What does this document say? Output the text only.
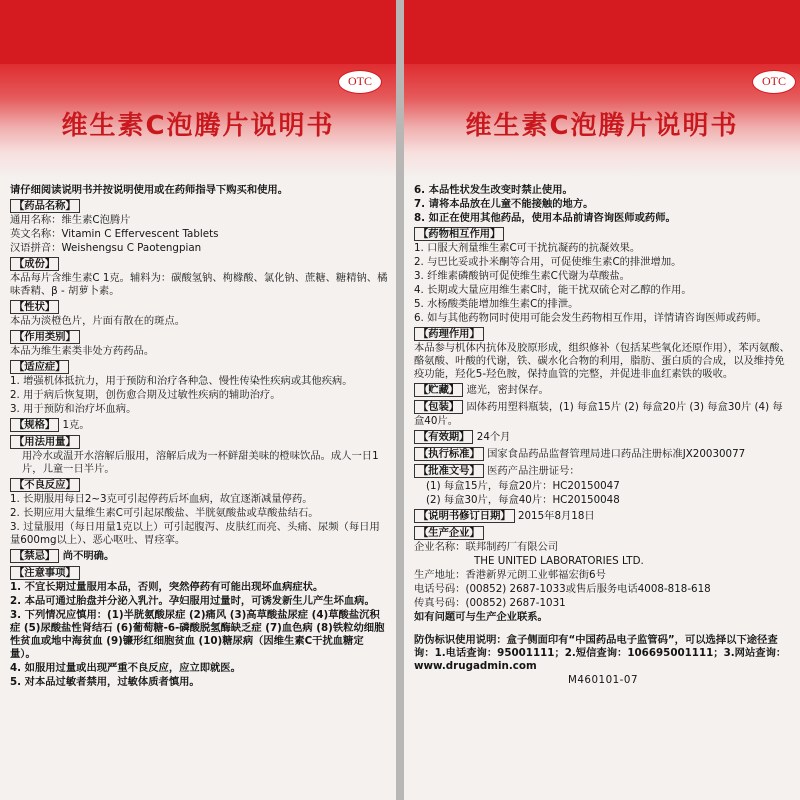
OTC
维生素C泡腾片说明书

请仔细阅读说明书并按说明使用或在药师指导下购买和使用。

【药品名称】

通用名称：维生素C泡腾片

英文名称：Vitamin C Effervescent Tablets

汉语拼音：Weishengsu C Paotengpian

【成份】

本品每片含维生素C 1克。辅料为：碳酸氢钠、枸橼酸、氯化钠、蔗糖、糖精钠、橘味香精、β - 胡萝卜素。

【性状】

本品为淡橙色片，片面有散在的斑点。

【作用类别】

本品为维生素类非处方药药品。

【适应症】

1. 增强机体抵抗力，用于预防和治疗各种急、慢性传染性疾病或其他疾病。

2. 用于病后恢复期，创伤愈合期及过敏性疾病的辅助治疗。

3. 用于预防和治疗坏血病。

【规格】 1克。

【用法用量】

用冷水或温开水溶解后服用，溶解后成为一杯鲜甜美味的橙味饮品。成人一日1片，儿童一日半片。

【不良反应】

1. 长期服用每日2~3克可引起停药后坏血病，故宜逐渐减量停药。

2. 长期应用大量维生素C可引起尿酸盐、半胱氨酸盐或草酸盐结石。

3. 过量服用（每日用量1克以上）可引起腹泻、皮肤红而亮、头痛、尿频（每日用量600mg以上）、恶心呕吐、胃痉挛。

【禁忌】 尚不明确。

【注意事项】

1. 不宜长期过量服用本品，否则，突然停药有可能出现坏血病症状。

2. 本品可通过胎盘并分泌入乳汁。孕妇服用过量时，可诱发新生儿产生坏血病。

3. 下列情况应慎用：(1)半胱氨酸尿症 (2)痛风 (3)高草酸盐尿症 (4)草酸盐沉积症 (5)尿酸盐性肾结石 (6)葡萄糖-6-磷酸脱氢酶缺乏症 (7)血色病 (8)铁粒幼细胞性贫血或地中海贫血 (9)镰形红细胞贫血 (10)糖尿病（因维生素C干扰血糖定量）。

4. 如服用过量或出现严重不良反应，应立即就医。

5. 对本品过敏者禁用，过敏体质者慎用。

OTC
维生素C泡腾片说明书

6. 本品性状发生改变时禁止使用。

7. 请将本品放在儿童不能接触的地方。

8. 如正在使用其他药品，使用本品前请咨询医师或药师。

【药物相互作用】

1. 口服大剂量维生素C可干扰抗凝药的抗凝效果。

2. 与巴比妥或扑米酮等合用，可促使维生素C的排泄增加。

3. 纤维素磷酸钠可促使维生素C代谢为草酸盐。

4. 长期或大量应用维生素C时，能干扰双硫仑对乙醇的作用。

5. 水杨酸类能增加维生素C的排泄。

6. 如与其他药物同时使用可能会发生药物相互作用，详情请咨询医师或药师。

【药理作用】

本品参与机体内抗体及胶原形成，组织修补（包括某些氧化还原作用），苯丙氨酸、酪氨酸、叶酸的代谢，铁、碳水化合物的利用，脂肪、蛋白质的合成，以及维持免疫功能，羟化5-羟色胺，保持血管的完整，并促进非血红素铁的吸收。

【贮藏】 遮光，密封保存。

【包装】 固体药用塑料瓶装，(1) 每盒15片 (2) 每盒20片 (3) 每盒30片 (4) 每盒40片。

【有效期】 24个月

【执行标准】 国家食品药品监督管理局进口药品注册标准JX20030077

【批准文号】 医药产品注册证号：

(1) 每盒15片，每盒20片：HC20150047

(2) 每盒30片，每盒40片：HC20150048

【说明书修订日期】 2015年8月18日

【生产企业】

企业名称：联邦制药厂有限公司

THE UNITED LABORATORIES LTD.

生产地址：香港新界元朗工业邨福宏街6号

电话号码：(00852) 2687-1033或售后服务电话4008-818-618

传真号码：(00852) 2687-1031

如有问题可与生产企业联系。

防伪标识使用说明：盒子侧面印有“中国药品电子监管码”，可以选择以下途径查询：1.电话查询：95001111；2.短信查询：106695001111；3.网站查询：www.drugadmin.com

M460101-07
